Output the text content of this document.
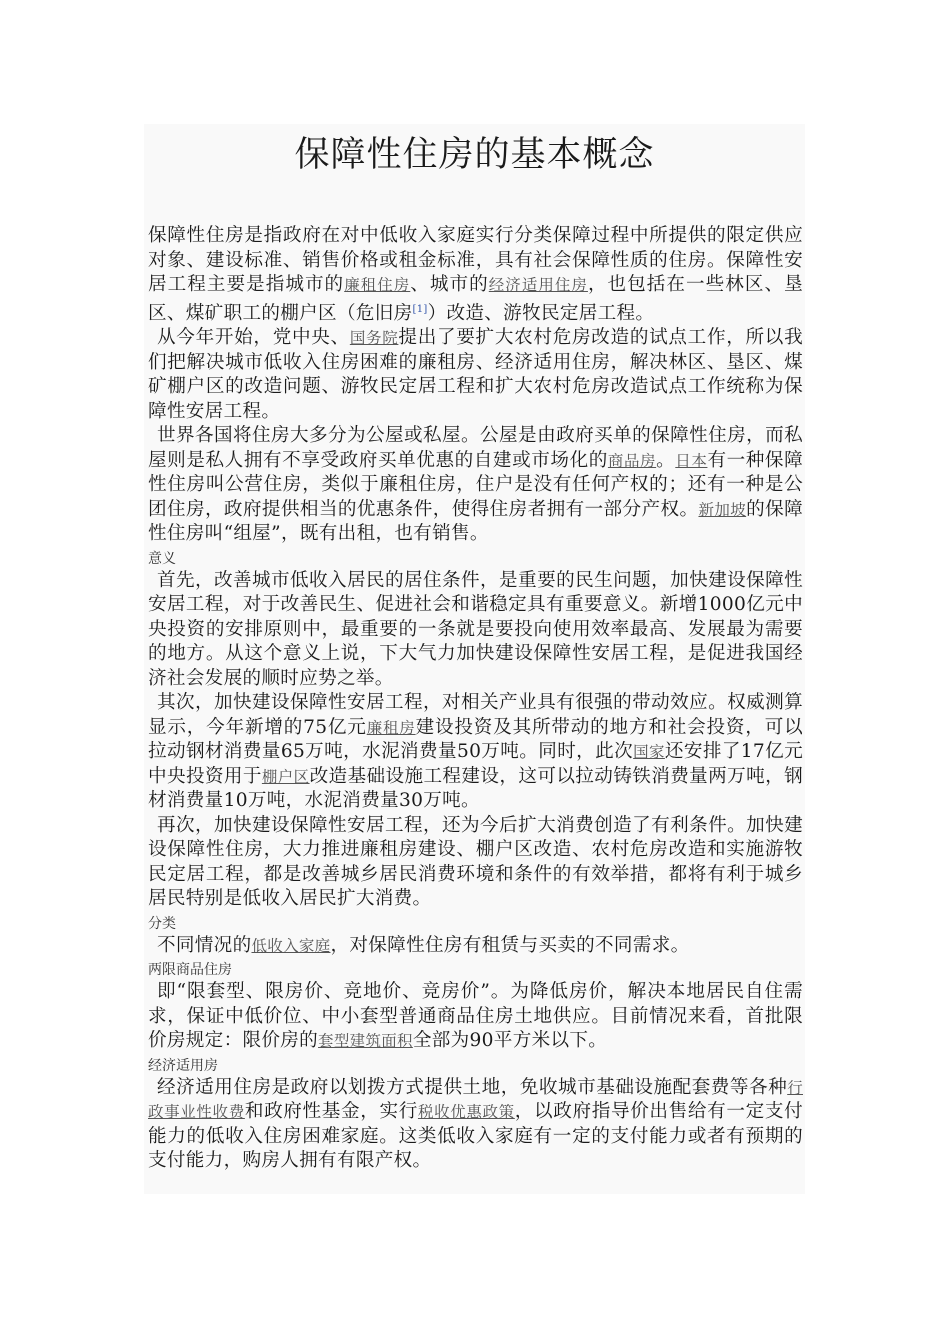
保障性住房的基本概念

保障性住房是指政府在对中低收入家庭实行分类保障过程中所提供的限定供应对象、建设标准、销售价格或租金标准，具有社会保障性质的住房。保障性安居工程主要是指城市的廉租住房、城市的经济适用住房，也包括在一些林区、垦区、煤矿职工的棚户区（危旧房[1]）改造、游牧民定居工程。

从今年开始，党中央、国务院提出了要扩大农村危房改造的试点工作，所以我们把解决城市低收入住房困难的廉租房、经济适用住房，解决林区、垦区、煤矿棚户区的改造问题、游牧民定居工程和扩大农村危房改造试点工作统称为保障性安居工程。

世界各国将住房大多分为公屋或私屋。公屋是由政府买单的保障性住房，而私屋则是私人拥有不享受政府买单优惠的自建或市场化的商品房。日本有一种保障性住房叫公营住房，类似于廉租住房，住户是没有任何产权的；还有一种是公团住房，政府提供相当的优惠条件，使得住房者拥有一部分产权。新加坡的保障性住房叫“组屋”，既有出租，也有销售。

意义

首先，改善城市低收入居民的居住条件，是重要的民生问题，加快建设保障性安居工程，对于改善民生、促进社会和谐稳定具有重要意义。新增1000亿元中央投资的安排原则中，最重要的一条就是要投向使用效率最高、发展最为需要的地方。从这个意义上说，下大气力加快建设保障性安居工程，是促进我国经济社会发展的顺时应势之举。

其次，加快建设保障性安居工程，对相关产业具有很强的带动效应。权威测算显示，今年新增的75亿元廉租房建设投资及其所带动的地方和社会投资，可以拉动钢材消费量65万吨，水泥消费量50万吨。同时，此次国家还安排了17亿元中央投资用于棚户区改造基础设施工程建设，这可以拉动铸铁消费量两万吨，钢材消费量10万吨，水泥消费量30万吨。

再次，加快建设保障性安居工程，还为今后扩大消费创造了有利条件。加快建设保障性住房，大力推进廉租房建设、棚户区改造、农村危房改造和实施游牧民定居工程，都是改善城乡居民消费环境和条件的有效举措，都将有利于城乡居民特别是低收入居民扩大消费。

分类

不同情况的低收入家庭，对保障性住房有租赁与买卖的不同需求。

两限商品住房

即“限套型、限房价、竞地价、竞房价”。为降低房价，解决本地居民自住需求，保证中低价位、中小套型普通商品住房土地供应。目前情况来看，首批限价房规定：限价房的套型建筑面积全部为90平方米以下。

经济适用房

经济适用住房是政府以划拨方式提供土地，免收城市基础设施配套费等各种行政事业性收费和政府性基金，实行税收优惠政策，以政府指导价出售给有一定支付能力的低收入住房困难家庭。这类低收入家庭有一定的支付能力或者有预期的支付能力，购房人拥有有限产权。
